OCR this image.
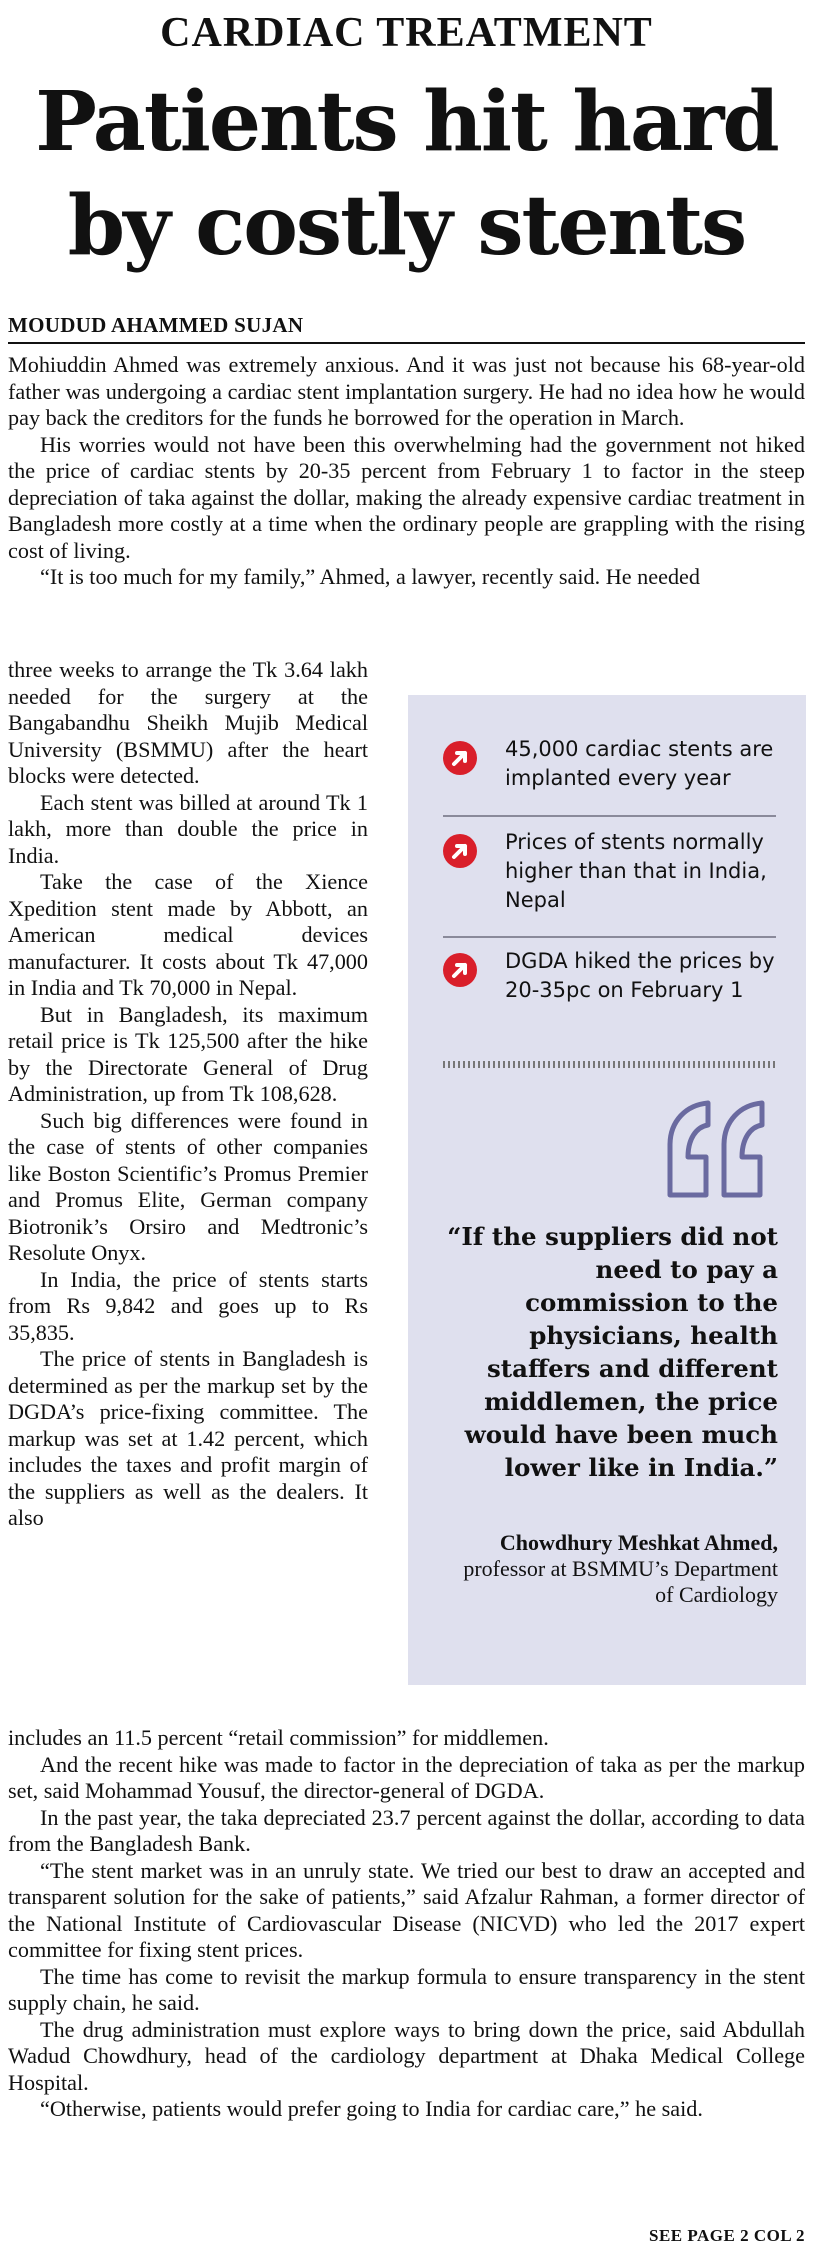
CARDIAC TREATMENT
Patients hit hard
by costly stents
MOUDUD AHAMMED SUJAN

Mohiuddin Ahmed was extremely anxious. And it was just not because his 68-year-old father was undergoing a cardiac stent implantation surgery. He had no idea how he would pay back the creditors for the funds he borrowed for the operation in March.

His worries would not have been this overwhelming had the government not hiked the price of cardiac stents by 20-35 percent from February 1 to factor in the steep depreciation of taka against the dollar, making the already expensive cardiac treatment in Bangladesh more costly at a time when the ordinary people are grappling with the rising cost of living.

“It is too much for my family,” Ahmed, a lawyer, recently said. He needed

three weeks to arrange the Tk 3.64 lakh needed for the surgery at the Bangabandhu Sheikh Mujib Medical University (BSMMU) after the heart blocks were detected.

Each stent was billed at around Tk 1 lakh, more than double the price in India.

Take the case of the Xience Xpedition stent made by Abbott, an American medical devices manufacturer. It costs about Tk 47,000 in India and Tk 70,000 in Nepal.

But in Bangladesh, its maximum retail price is Tk 125,500 after the hike by the Directorate General of Drug Administration, up from Tk 108,628.

Such big differences were found in the case of stents of other companies like Boston Scientific’s Promus Premier and Promus Elite, German company Biotronik’s Orsiro and Medtronic’s Resolute Onyx.

In India, the price of stents starts from Rs 9,842 and goes up to Rs 35,835.

The price of stents in Bangladesh is determined as per the markup set by the DGDA’s price-fixing committee. The markup was set at 1.42 percent, which includes the taxes and profit margin of the suppliers as well as the dealers. It also

45,000 cardiac stents are implanted every year
Prices of stents normally higher than that in India, Nepal
DGDA hiked the prices by 20-35pc on February 1
“If the suppliers did not need to pay a commission to the physicians, health staffers and different middlemen, the price would have been much lower like in India.”
Chowdhury Meshkat Ahmed, professor at BSMMU’s Department of Cardiology

includes an 11.5 percent “retail commission” for middlemen.

And the recent hike was made to factor in the depreciation of taka as per the markup set, said Mohammad Yousuf, the director-general of DGDA.

In the past year, the taka depreciated 23.7 percent against the dollar, according to data from the Bangladesh Bank.

“The stent market was in an unruly state. We tried our best to draw an accepted and transparent solution for the sake of patients,” said Afzalur Rahman, a former director of the National Institute of Cardiovascular Disease (NICVD) who led the 2017 expert committee for fixing stent prices.

The time has come to revisit the markup formula to ensure transparency in the stent supply chain, he said.

The drug administration must explore ways to bring down the price, said Abdullah Wadud Chowdhury, head of the cardiology department at Dhaka Medical College Hospital.

“Otherwise, patients would prefer going to India for cardiac care,” he said.

SEE PAGE 2 COL 2
